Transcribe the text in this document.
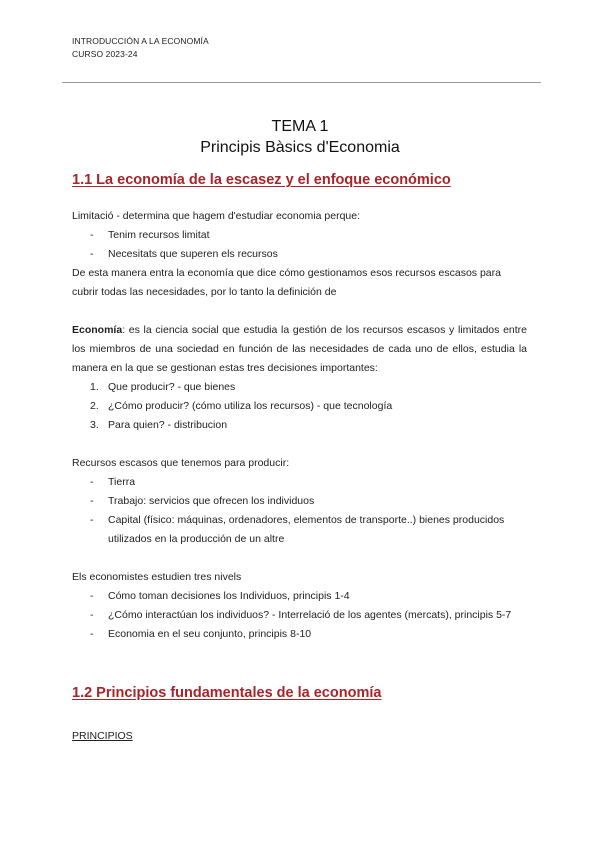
INTRODUCCIÓN A LA ECONOMÍA
CURSO 2023-24
TEMA 1
Principis Bàsics d'Economia
1.1 La economía de la escasez y el enfoque económico

Limitació - determina que hagem d'estudiar economia perque:

- Tenim recursos limitat
- Necesitats que superen els recursos

De esta manera entra la economía que dice cómo gestionamos esos recursos escasos para cubrir todas las necesidades, por lo tanto la definición de

Economía: es la ciencia social que estudia la gestión de los recursos escasos y limitados entre los miembros de una sociedad en función de las necesidades de cada uno de ellos, estudia la manera en la que se gestionan estas tres decisiones importantes:

1. Que producir? - que bienes
2. ¿Cómo producir? (cómo utiliza los recursos) - que tecnología
3. Para quien? - distribucion

Recursos escasos que tenemos para producir:

- Tierra
- Trabajo: servicios que ofrecen los individuos
- Capital (físico: máquinas, ordenadores, elementos de transporte..) bienes producidos utilizados en la producción de un altre

Els economistes estudien tres nivels

- Cómo toman decisiones los Individuos, principis 1-4
- ¿Cómo interactúan los individuos? - Interrelació de los agentes (mercats), principis 5-7
- Economia en el seu conjunto, principis 8-10
1.2 Principios fundamentales de la economía
PRINCIPIOS
